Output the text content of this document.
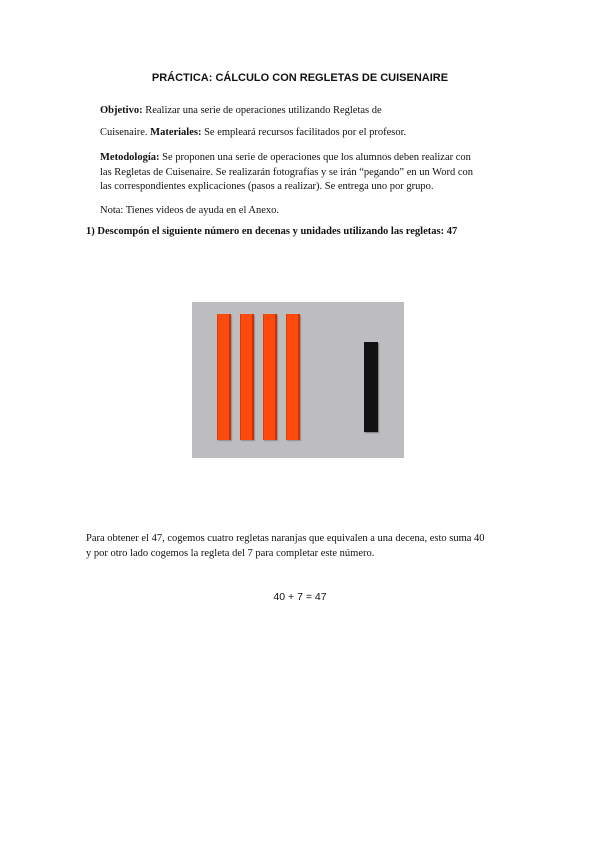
PRÁCTICA: CÁLCULO CON REGLETAS DE CUISENAIRE
Objetivo: Realizar una serie de operaciones utilizando Regletas de
Cuisenaire. Materiales: Se empleará recursos facilitados por el profesor.
Metodología: Se proponen una serie de operaciones que los alumnos deben realizar con
las Regletas de Cuisenaire. Se realizarán fotografías y se irán “pegando” en un Word con
las correspondientes explicaciones (pasos a realizar). Se entrega uno por grupo.
Nota: Tienes videos de ayuda en el Anexo.
1) Descompón el siguiente número en decenas y unidades utilizando las regletas: 47
Para obtener el 47, cogemos cuatro regletas naranjas que equivalen a una decena, esto suma 40
y por otro lado cogemos la regleta del 7 para completar este número.
40 + 7 = 47
